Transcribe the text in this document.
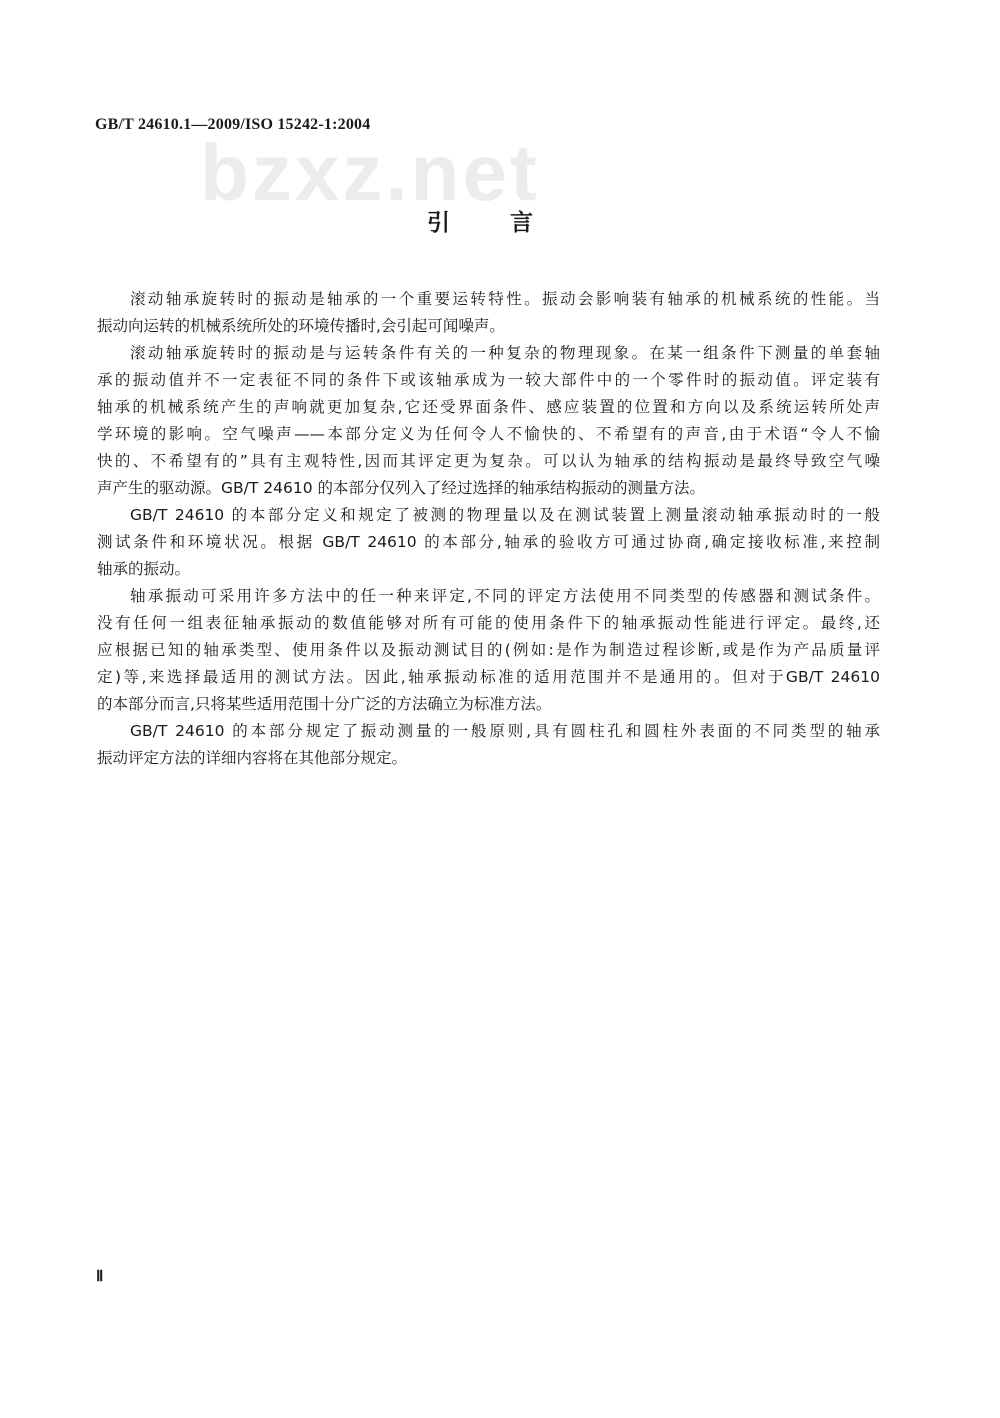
GB/T 24610.1—2009/ISO 15242-1:2004
bzxz.net
引	言
滚动轴承旋转时的振动是轴承的一个重要运转特性。振动会影响装有轴承的机械系统的性能。当
振动向运转的机械系统所处的环境传播时,会引起可闻噪声。
滚动轴承旋转时的振动是与运转条件有关的一种复杂的物理现象。在某一组条件下测量的单套轴
承的振动值并不一定表征不同的条件下或该轴承成为一较大部件中的一个零件时的振动值。评定装有
轴承的机械系统产生的声响就更加复杂,它还受界面条件、感应装置的位置和方向以及系统运转所处声
学环境的影响。空气噪声——本部分定义为任何令人不愉快的、不希望有的声音,由于术语“令人不愉
快的、不希望有的”具有主观特性,因而其评定更为复杂。可以认为轴承的结构振动是最终导致空气噪
声产生的驱动源。GB/T 24610 的本部分仅列入了经过选择的轴承结构振动的测量方法。
GB/T 24610 的本部分定义和规定了被测的物理量以及在测试装置上测量滚动轴承振动时的一般
测试条件和环境状况。根据 GB/T 24610 的本部分,轴承的验收方可通过协商,确定接收标准,来控制
轴承的振动。
轴承振动可采用许多方法中的任一种来评定,不同的评定方法使用不同类型的传感器和测试条件。
没有任何一组表征轴承振动的数值能够对所有可能的使用条件下的轴承振动性能进行评定。最终,还
应根据已知的轴承类型、使用条件以及振动测试目的(例如:是作为制造过程诊断,或是作为产品质量评
定)等,来选择最适用的测试方法。因此,轴承振动标准的适用范围并不是通用的。但对于GB/T 24610
的本部分而言,只将某些适用范围十分广泛的方法确立为标准方法。
GB/T 24610 的本部分规定了振动测量的一般原则,具有圆柱孔和圆柱外表面的不同类型的轴承
振动评定方法的详细内容将在其他部分规定。
Ⅱ
